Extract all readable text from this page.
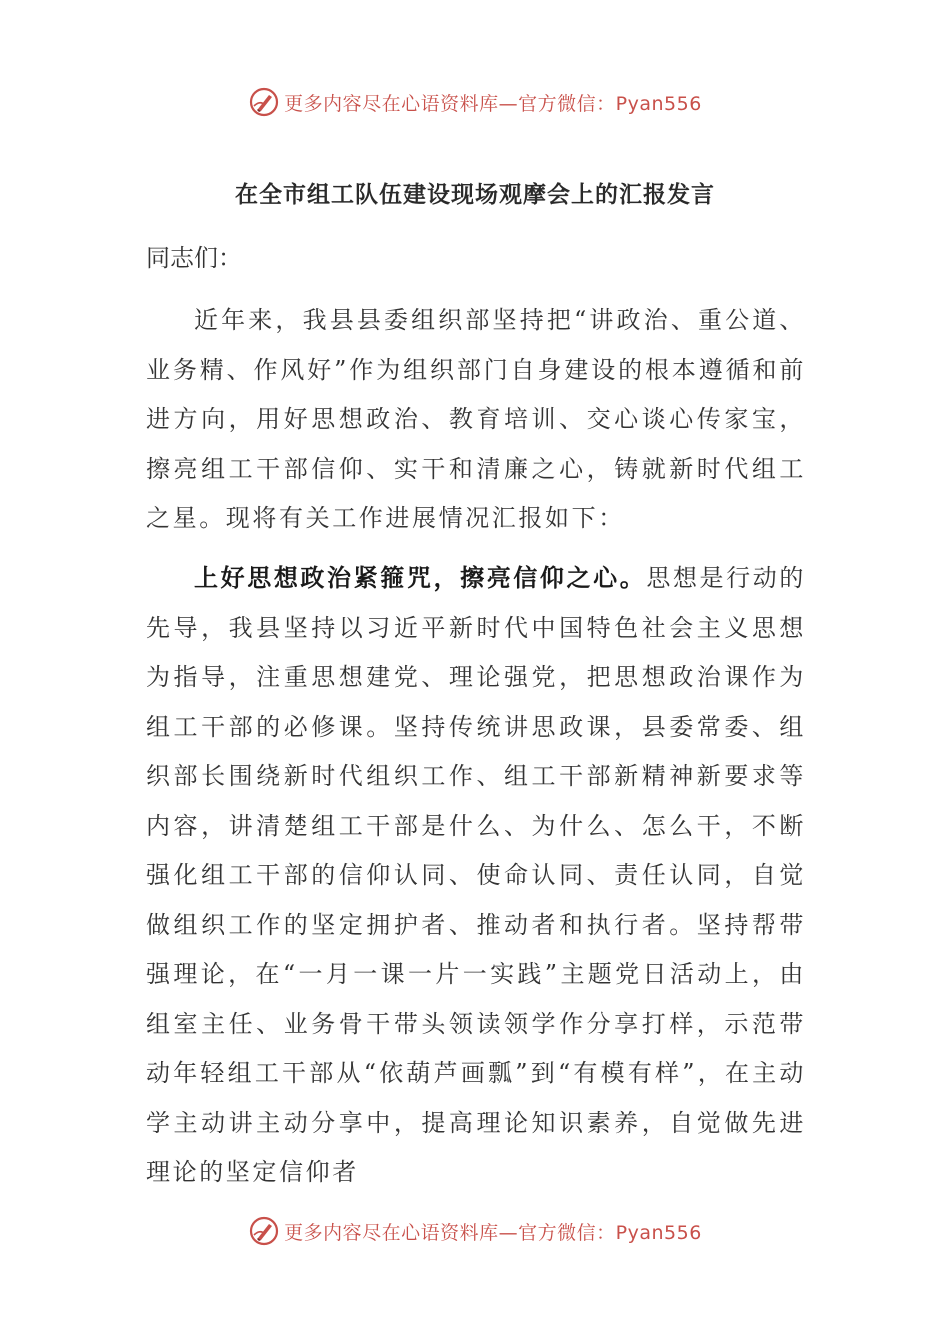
更多内容尽在心语资料库—官方微信：Pyan556
在全市组工队伍建设现场观摩会上的汇报发言

同志们：

近年来，我县县委组织部坚持把“讲政治、重公道、业务精、作风好”作为组织部门自身建设的根本遵循和前进方向，用好思想政治、教育培训、交心谈心传家宝，擦亮组工干部信仰、实干和清廉之心，铸就新时代组工之星。现将有关工作进展情况汇报如下：

上好思想政治紧箍咒，擦亮信仰之心。思想是行动的先导，我县坚持以习近平新时代中国特色社会主义思想为指导，注重思想建党、理论强党，把思想政治课作为组工干部的必修课。坚持传统讲思政课，县委常委、组织部长围绕新时代组织工作、组工干部新精神新要求等内容，讲清楚组工干部是什么、为什么、怎么干，不断强化组工干部的信仰认同、使命认同、责任认同，自觉做组织工作的坚定拥护者、推动者和执行者。坚持帮带强理论，在“一月一课一片一实践”主题党日活动上，由组室主任、业务骨干带头领读领学作分享打样，示范带动年轻组工干部从“依葫芦画瓢”到“有模有样”，在主动学主动讲主动分享中，提高理论知识素养，自觉做先进理论的坚定信仰者

更多内容尽在心语资料库—官方微信：Pyan556
